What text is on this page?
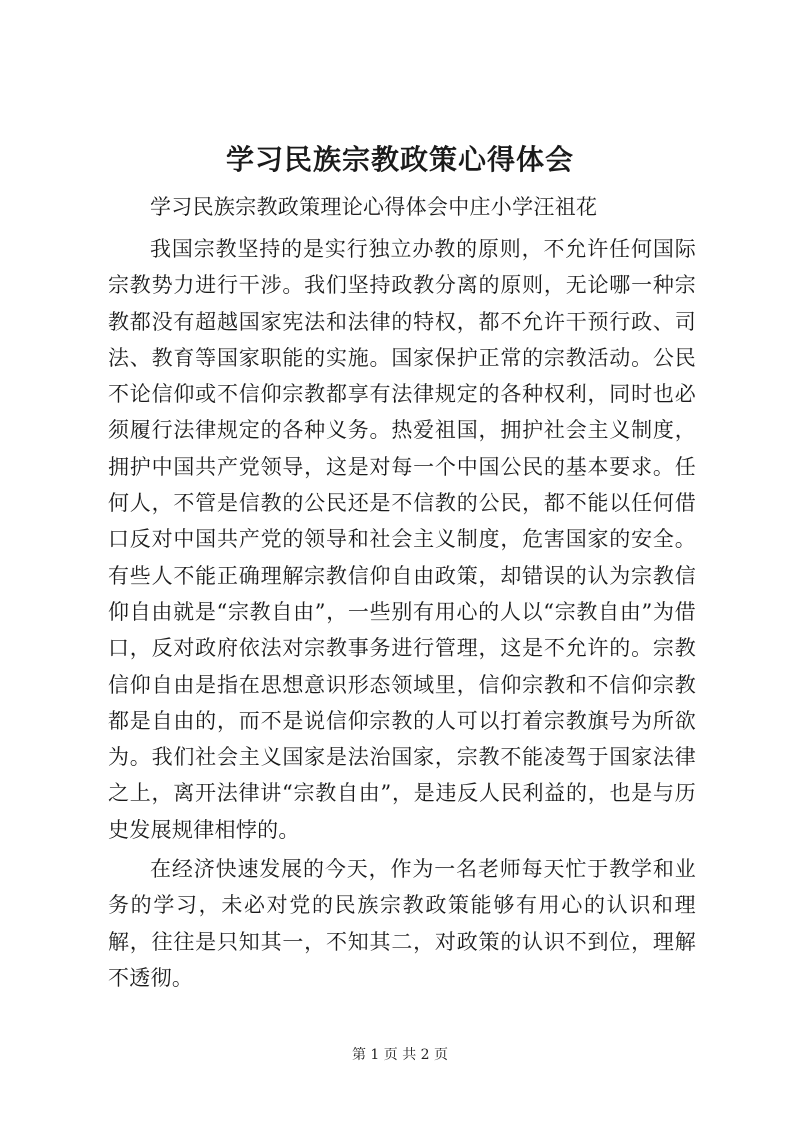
学习民族宗教政策心得体会

学习民族宗教政策理论心得体会中庄小学汪祖花

我国宗教坚持的是实行独立办教的原则，不允许任何国际宗教势力进行干涉。我们坚持政教分离的原则，无论哪一种宗教都没有超越国家宪法和法律的特权，都不允许干预行政、司法、教育等国家职能的实施。国家保护正常的宗教活动。公民不论信仰或不信仰宗教都享有法律规定的各种权利，同时也必须履行法律规定的各种义务。热爱祖国，拥护社会主义制度，拥护中国共产党领导，这是对每一个中国公民的基本要求。任何人，不管是信教的公民还是不信教的公民，都不能以任何借口反对中国共产党的领导和社会主义制度，危害国家的安全。有些人不能正确理解宗教信仰自由政策，却错误的认为宗教信仰自由就是“宗教自由”，一些别有用心的人以“宗教自由”为借口，反对政府依法对宗教事务进行管理，这是不允许的。宗教信仰自由是指在思想意识形态领域里，信仰宗教和不信仰宗教都是自由的，而不是说信仰宗教的人可以打着宗教旗号为所欲为。我们社会主义国家是法治国家，宗教不能凌驾于国家法律之上，离开法律讲“宗教自由”，是违反人民利益的，也是与历史发展规律相悖的。

在经济快速发展的今天，作为一名老师每天忙于教学和业务的学习，未必对党的民族宗教政策能够有用心的认识和理解，往往是只知其一，不知其二，对政策的认识不到位，理解不透彻。

第 1 页 共 2 页
